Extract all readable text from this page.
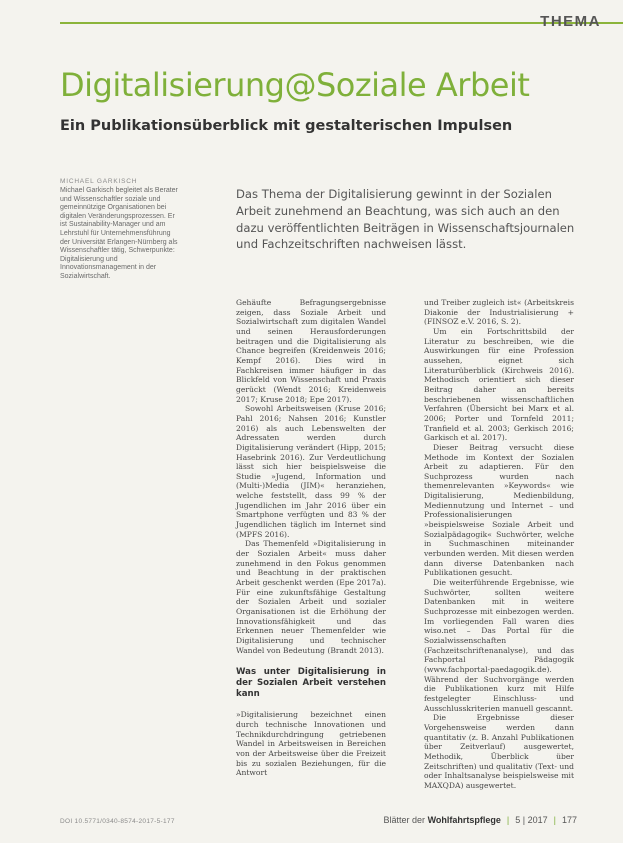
THEMA
Digitalisierung@Soziale Arbeit
Ein Publikationsüberblick mit gestalterischen Impulsen
MICHAEL GARKISCH
Michael Garkisch begleitet als Berater und Wissenschaftler soziale und gemeinnützige Organisationen bei digitalen Veränderungsprozessen. Er ist Sustainability-Manager und am Lehrstuhl für Unternehmensführung der Universität Erlangen-Nürnberg als Wissenschaftler tätig, Schwerpunkte: Digitalisierung und Innovationsmanagement in der Sozialwirtschaft.

Das Thema der Digitalisierung gewinnt in der Sozialen Arbeit zunehmend an Beachtung, was sich auch an den dazu veröffentlichten Beiträgen in Wissenschaftsjournalen und Fachzeitschriften nachweisen lässt.

Gehäufte Befragungsergebnisse zeigen, dass Soziale Arbeit und Sozialwirtschaft zum digitalen Wandel und seinen Herausforderungen beitragen und die Digitalisierung als Chance begreifen (Kreidenweis 2016; Kempf 2016). Dies wird in Fachkreisen immer häufiger in das Blickfeld von Wissenschaft und Praxis gerückt (Wendt 2016; Kreidenweis 2017; Kruse 2018; Epe 2017).

Sowohl Arbeitsweisen (Kruse 2016; Pahl 2016; Nahsen 2016; Kunstler 2016) als auch Lebenswelten der Adressaten werden durch Digitalisierung verändert (Hipp, 2015; Hasebrink 2016). Zur Verdeutlichung lässt sich hier beispielsweise die Studie »Jugend, Information und (Multi-)Media (JIM)« heranziehen, welche feststellt, dass 99 % der Jugendlichen im Jahr 2016 über ein Smartphone verfügten und 83 % der Jugendlichen täglich im Internet sind (MPFS 2016).

Das Themenfeld »Digitalisierung in der Sozialen Arbeit« muss daher zunehmend in den Fokus genommen und Beachtung in der praktischen Arbeit geschenkt werden (Epe 2017a). Für eine zukunftsfähige Gestaltung der Sozialen Arbeit und sozialer Organisationen ist die Erhöhung der Innovationsfähigkeit und das Erkennen neuer Themenfelder wie Digitalisierung und technischer Wandel von Bedeutung (Brandt 2013).

Was unter Digitalisierung in der Sozialen Arbeit verstehen kann

»Digitalisierung bezeichnet einen durch technische Innovationen und Technikdurchdringung getriebenen Wandel in Arbeitsweisen in Bereichen von der Arbeitsweise über die Freizeit bis zu sozialen Beziehungen, für die Antwort

und Treiber zugleich ist« (Arbeitskreis Diakonie der Industrialisierung + (FINSOZ e.V. 2016, S. 2).

Um ein Fortschrittsbild der Literatur zu beschreiben, wie die Auswirkungen für eine Profession aussehen, eignet sich Literaturüberblick (Kirchweis 2016). Methodisch orientiert sich dieser Beitrag daher an bereits beschriebenen wissenschaftlichen Verfahren (Übersicht bei Marx et al. 2006; Porter und Tornfeld 2011; Tranfield et al. 2003; Gerkisch 2016; Garkisch et al. 2017).

Dieser Beitrag versucht diese Methode im Kontext der Sozialen Arbeit zu adaptieren. Für den Suchprozess wurden nach themenrelevanten »Keywords« wie Digitalisierung, Medienbildung, Mediennutzung und Internet – und Professionalisierungen »beispielsweise Soziale Arbeit und Sozialpädagogik« Suchwörter, welche in Suchmaschinen miteinander verbunden werden. Mit diesen werden dann diverse Datenbanken nach Publikationen gesucht.

Die weiterführende Ergebnisse, wie Suchwörter, sollten weitere Datenbanken mit in weitere Suchprozesse mit einbezogen werden. Im vorliegenden Fall waren dies wiso.net – Das Portal für die Sozialwissenschaften (Fachzeitschriftenanalyse), und das Fachportal Pädagogik (www.fachportal-paedagogik.de). Während der Suchvorgänge werden die Publikationen kurz mit Hilfe festgelegter Einschluss- und Ausschlusskriterien manuell gescannt.

Die Ergebnisse dieser Vorgehensweise werden dann quantitativ (z. B. Anzahl Publikationen über Zeitverlauf) ausgewertet, Methodik, Überblick über Zeitschriften) und qualitativ (Text- und oder Inhaltsanalyse beispielsweise mit MAXQDA) ausgewertet.

DOI 10.5771/0340-8574-2017-5-177	Blätter der Wohlfahrtspflege | 5 | 2017 | 177
